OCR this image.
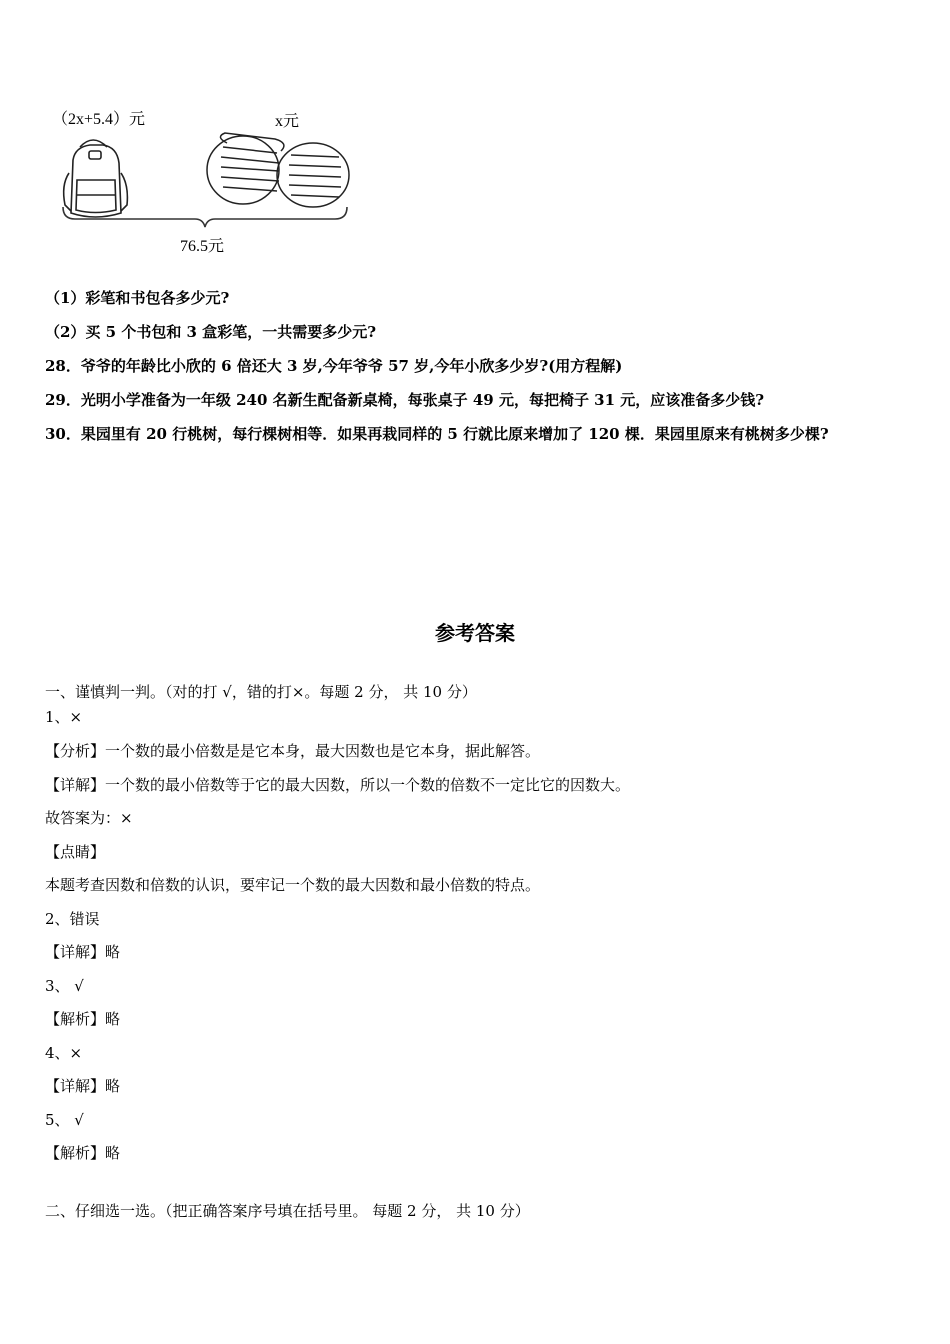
（2x+5.4）元	x元
76.5元
（1）彩笔和书包各多少元?
（2）买 5 个书包和 3 盒彩笔，一共需要多少元?
28．爷爷的年龄比小欣的 6 倍还大 3 岁,今年爷爷 57 岁,今年小欣多少岁?(用方程解)
29．光明小学准备为一年级 240 名新生配备新桌椅，每张桌子 49 元，每把椅子 31 元，应该准备多少钱?
30．果园里有 20 行桃树，每行棵树相等．如果再栽同样的 5 行就比原来增加了 120 棵．果园里原来有桃树多少棵?
参考答案
一、谨慎判一判。（对的打 √，错的打×。每题 2 分， 共 10 分）
1、×
【分析】一个数的最小倍数是是它本身，最大因数也是它本身，据此解答。
【详解】一个数的最小倍数等于它的最大因数，所以一个数的倍数不一定比它的因数大。
故答案为：×
【点睛】
本题考查因数和倍数的认识，要牢记一个数的最大因数和最小倍数的特点。
2、错误
【详解】略
3、 √
【解析】略
4、×
【详解】略
5、 √
【解析】略
二、仔细选一选。（把正确答案序号填在括号里。 每题 2 分， 共 10 分）
